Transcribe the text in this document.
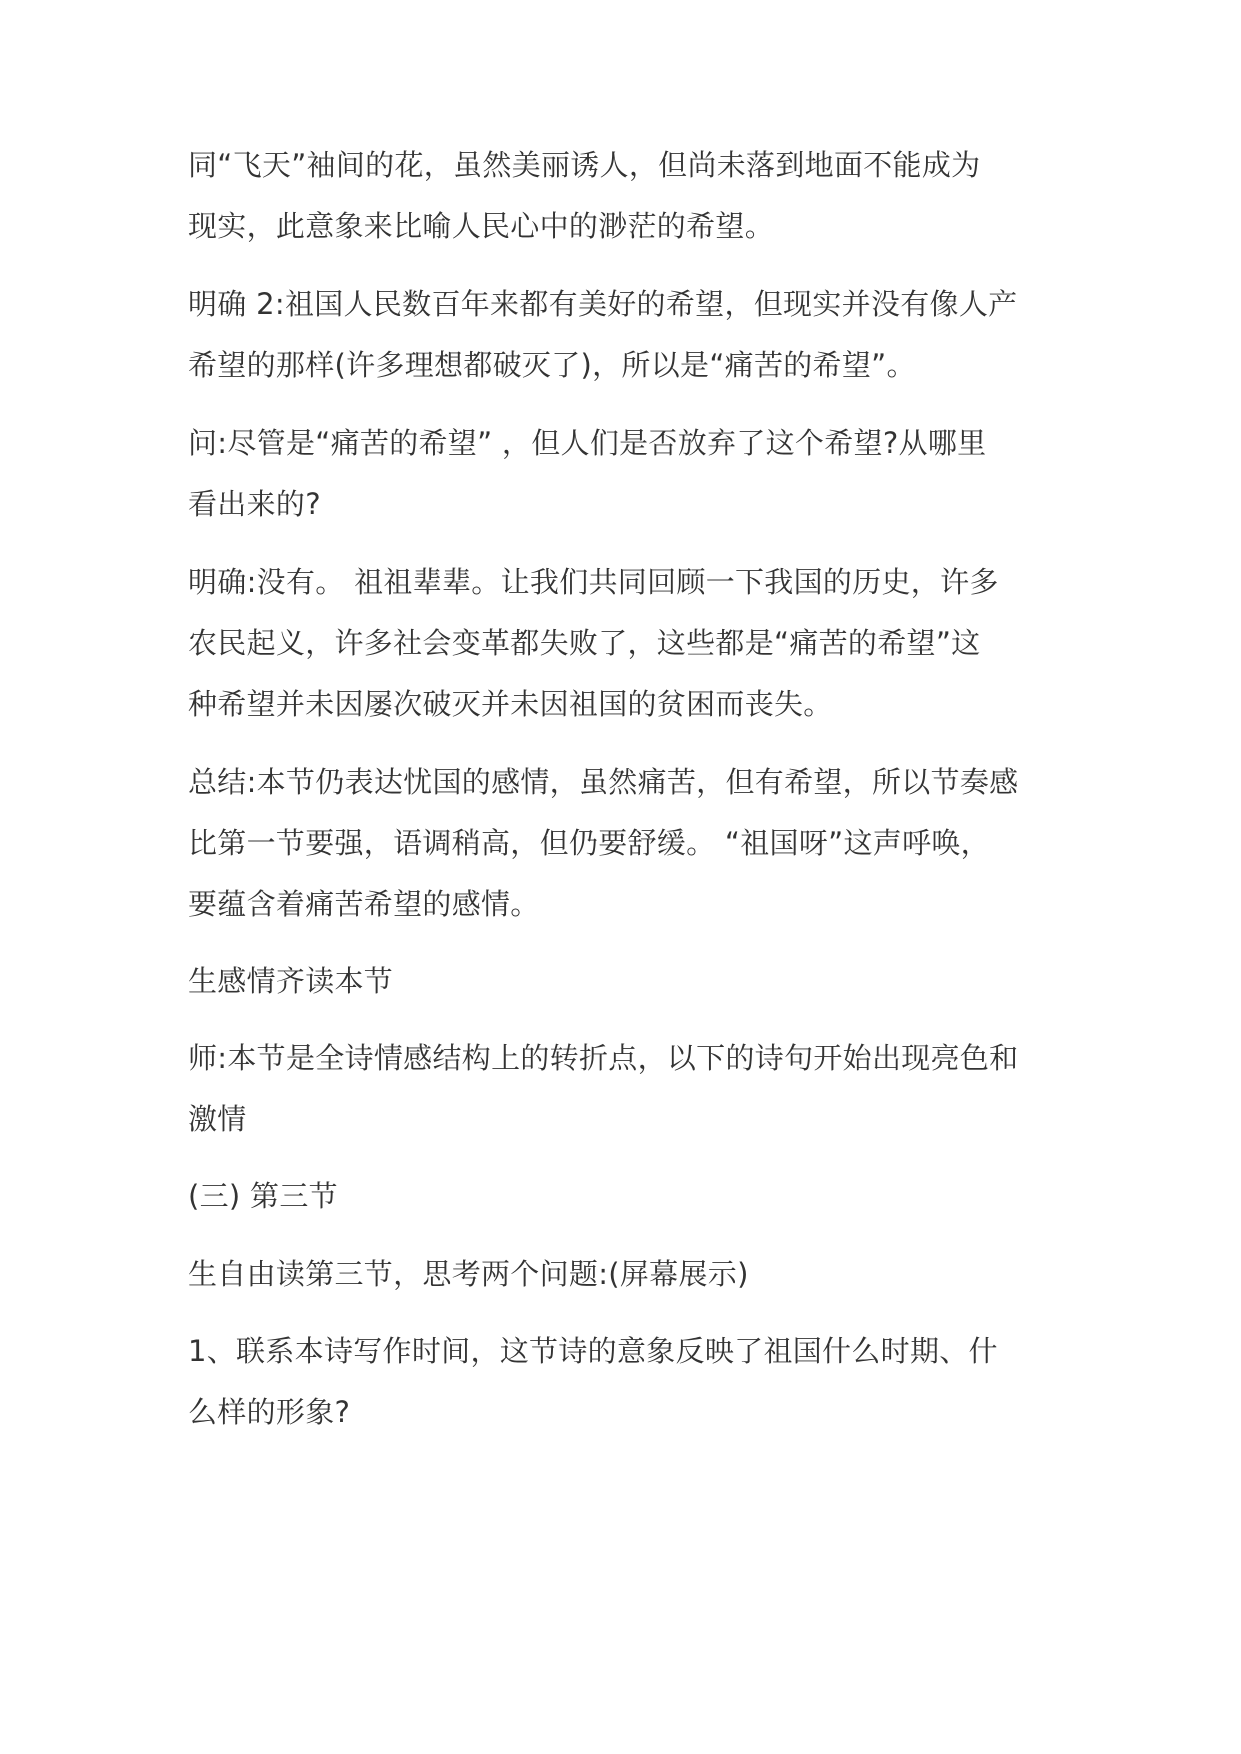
同“飞天”袖间的花，虽然美丽诱人，但尚未落到地面不能成为
现实，此意象来比喻人民心中的渺茫的希望。
明确 2:祖国人民数百年来都有美好的希望，但现实并没有像人产
希望的那样(许多理想都破灭了)，所以是“痛苦的希望”。
问:尽管是“痛苦的希望” ，但人们是否放弃了这个希望?从哪里
看出来的?
明确:没有。 祖祖辈辈。让我们共同回顾一下我国的历史，许多
农民起义，许多社会变革都失败了，这些都是“痛苦的希望”这
种希望并未因屡次破灭并未因祖国的贫困而丧失。
总结:本节仍表达忧国的感情，虽然痛苦，但有希望，所以节奏感
比第一节要强，语调稍高，但仍要舒缓。 “祖国呀”这声呼唤，
要蕴含着痛苦希望的感情。
生感情齐读本节
师:本节是全诗情感结构上的转折点，以下的诗句开始出现亮色和
激情
(三) 第三节
生自由读第三节，思考两个问题:(屏幕展示)
1、联系本诗写作时间，这节诗的意象反映了祖国什么时期、什
么样的形象?
